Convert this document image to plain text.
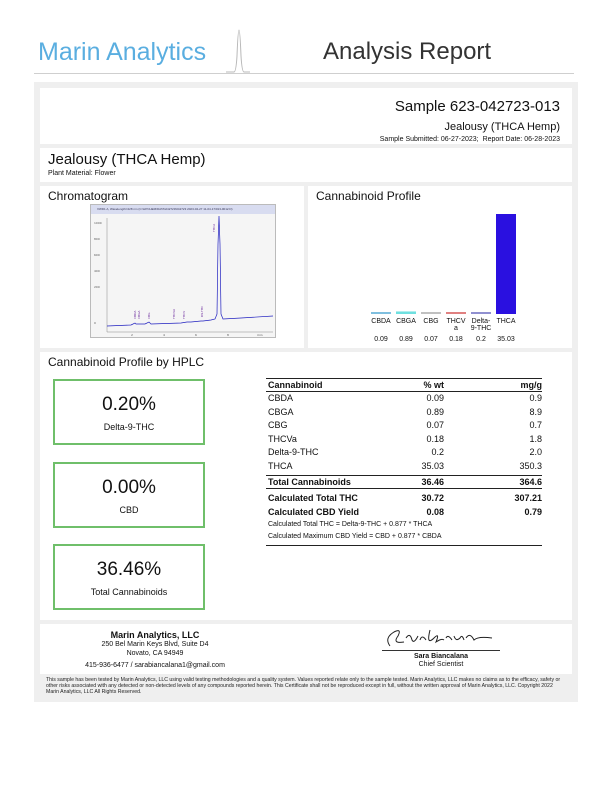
Marin Analytics	Analysis Report
Sample 623-042723-013
Jealousy (THCA Hemp)
Sample Submitted: 06-27-2023; Report Date: 06-28-2023
Jealousy (THCA Hemp)
Plant Material: Flower
Chromatogram
VWD1 A, Wavelength=228 nm (C:\HPCHEM\DATA\042723\042723 2023-04-27 11-04-17\013-0012.D)
1000
800
600
400
200
0
2	4	6	8	min
CBDA CBGA CBG	THCVA THCV	D9-THC
THCA
Cannabinoid Profile
CBDA
0.09
CBGA
0.89
CBG
0.07
THCV
a
0.18
Delta-
9-THC
0.2
THCA
35.03
Cannabinoid Profile by HPLC
0.20%
Delta-9-THC
0.00%
CBD
36.46%
Total Cannabinoids
Cannabinoid	% wt	mg/g
CBDA	0.09	0.9
CBGA	0.89	8.9
CBG	0.07	0.7
THCVa	0.18	1.8
Delta-9-THC	0.2	2.0
THCA	35.03	350.3
Total Cannabinoids	36.46	364.6
Calculated Total THC	30.72	307.21
Calculated CBD Yield	0.08	0.79
Calculated Total THC = Delta-9-THC + 0.877 * THCA
Calculated Maximum CBD Yield = CBD + 0.877 * CBDA
Marin Analytics, LLC
250 Bel Marin Keys Blvd, Suite D4
Novato, CA 94949
415-936-6477 / sarabiancalana1@gmail.com
Sara Biancalana
Chief Scientist
This sample has been tested by Marin Analytics, LLC using valid testing methodologies and a quality system. Values reported relate only to the sample tested. Marin Analytics, LLC makes no claims as to the efficacy, safety or other risks associated with any detected or non-detected levels of any compounds reported herein. This Certificate shall not be reproduced except in full, without the written approval of Marin Analytics, LLC. Copyright 2022 Marin Analytics, LLC All Rights Reserved.
